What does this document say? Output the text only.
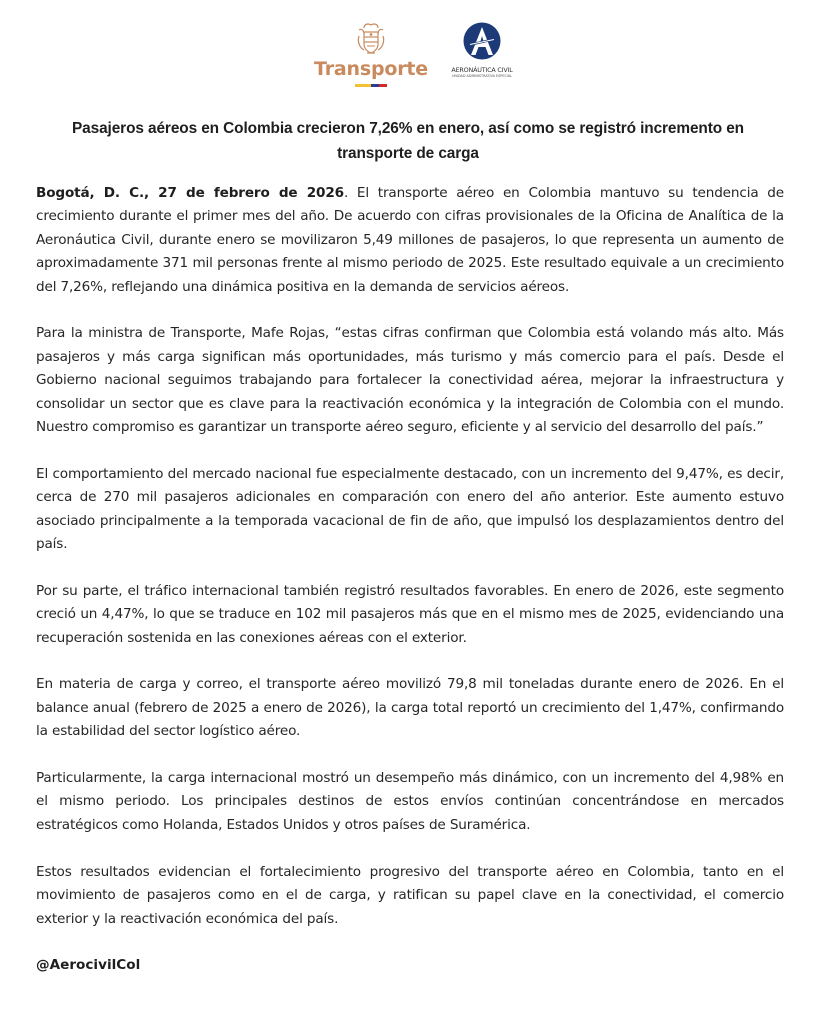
Transporte	AERONÁUTICA CIVIL
UNIDAD ADMINISTRATIVA ESPECIAL
Pasajeros aéreos en Colombia crecieron 7,26% en enero, así como se registró incremento en transporte de carga

Bogotá, D. C., 27 de febrero de 2026. El transporte aéreo en Colombia mantuvo su tendencia de crecimiento durante el primer mes del año. De acuerdo con cifras provisionales de la Oficina de Analítica de la Aeronáutica Civil, durante enero se movilizaron 5,49 millones de pasajeros, lo que representa un aumento de aproximadamente 371 mil personas frente al mismo periodo de 2025. Este resultado equivale a un crecimiento del 7,26%, reflejando una dinámica positiva en la demanda de servicios aéreos.

Para la ministra de Transporte, Mafe Rojas, “estas cifras confirman que Colombia está volando más alto. Más pasajeros y más carga significan más oportunidades, más turismo y más comercio para el país. Desde el Gobierno nacional seguimos trabajando para fortalecer la conectividad aérea, mejorar la infraestructura y consolidar un sector que es clave para la reactivación económica y la integración de Colombia con el mundo. Nuestro compromiso es garantizar un transporte aéreo seguro, eficiente y al servicio del desarrollo del país.”

El comportamiento del mercado nacional fue especialmente destacado, con un incremento del 9,47%, es decir, cerca de 270 mil pasajeros adicionales en comparación con enero del año anterior. Este aumento estuvo asociado principalmente a la temporada vacacional de fin de año, que impulsó los desplazamientos dentro del país.

Por su parte, el tráfico internacional también registró resultados favorables. En enero de 2026, este segmento creció un 4,47%, lo que se traduce en 102 mil pasajeros más que en el mismo mes de 2025, evidenciando una recuperación sostenida en las conexiones aéreas con el exterior.

En materia de carga y correo, el transporte aéreo movilizó 79,8 mil toneladas durante enero de 2026. En el balance anual (febrero de 2025 a enero de 2026), la carga total reportó un crecimiento del 1,47%, confirmando la estabilidad del sector logístico aéreo.

Particularmente, la carga internacional mostró un desempeño más dinámico, con un incremento del 4,98% en el mismo periodo. Los principales destinos de estos envíos continúan concentrándose en mercados estratégicos como Holanda, Estados Unidos y otros países de Suramérica.

Estos resultados evidencian el fortalecimiento progresivo del transporte aéreo en Colombia, tanto en el movimiento de pasajeros como en el de carga, y ratifican su papel clave en la conectividad, el comercio exterior y la reactivación económica del país.

@AerocivilCol
